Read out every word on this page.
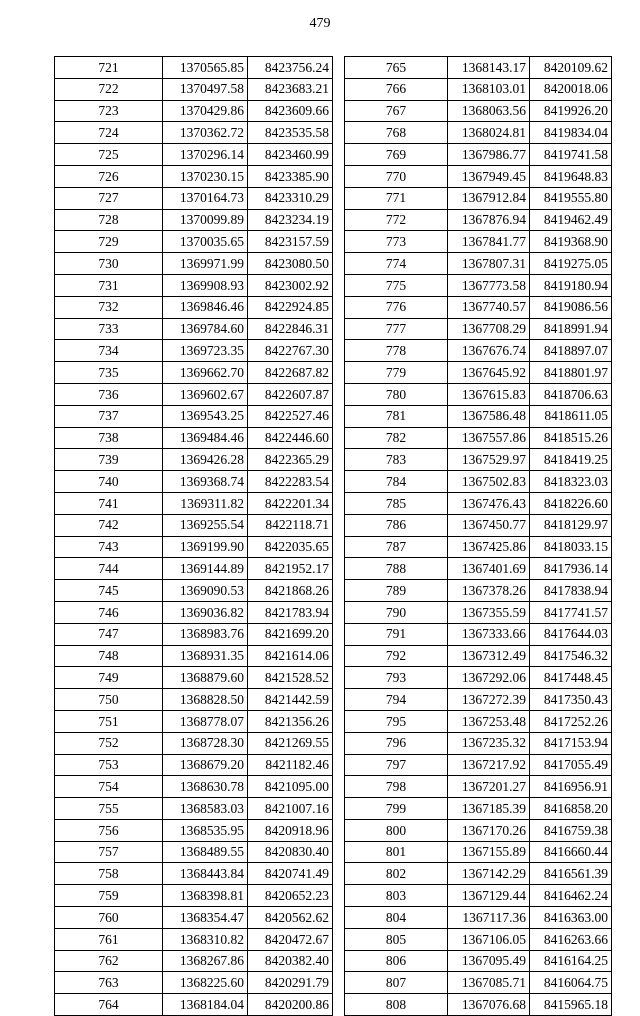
479
721	1370565.85	8423756.24
722	1370497.58	8423683.21
723	1370429.86	8423609.66
724	1370362.72	8423535.58
725	1370296.14	8423460.99
726	1370230.15	8423385.90
727	1370164.73	8423310.29
728	1370099.89	8423234.19
729	1370035.65	8423157.59
730	1369971.99	8423080.50
731	1369908.93	8423002.92
732	1369846.46	8422924.85
733	1369784.60	8422846.31
734	1369723.35	8422767.30
735	1369662.70	8422687.82
736	1369602.67	8422607.87
737	1369543.25	8422527.46
738	1369484.46	8422446.60
739	1369426.28	8422365.29
740	1369368.74	8422283.54
741	1369311.82	8422201.34
742	1369255.54	8422118.71
743	1369199.90	8422035.65
744	1369144.89	8421952.17
745	1369090.53	8421868.26
746	1369036.82	8421783.94
747	1368983.76	8421699.20
748	1368931.35	8421614.06
749	1368879.60	8421528.52
750	1368828.50	8421442.59
751	1368778.07	8421356.26
752	1368728.30	8421269.55
753	1368679.20	8421182.46
754	1368630.78	8421095.00
755	1368583.03	8421007.16
756	1368535.95	8420918.96
757	1368489.55	8420830.40
758	1368443.84	8420741.49
759	1368398.81	8420652.23
760	1368354.47	8420562.62
761	1368310.82	8420472.67
762	1368267.86	8420382.40
763	1368225.60	8420291.79
764	1368184.04	8420200.86
765	1368143.17	8420109.62
766	1368103.01	8420018.06
767	1368063.56	8419926.20
768	1368024.81	8419834.04
769	1367986.77	8419741.58
770	1367949.45	8419648.83
771	1367912.84	8419555.80
772	1367876.94	8419462.49
773	1367841.77	8419368.90
774	1367807.31	8419275.05
775	1367773.58	8419180.94
776	1367740.57	8419086.56
777	1367708.29	8418991.94
778	1367676.74	8418897.07
779	1367645.92	8418801.97
780	1367615.83	8418706.63
781	1367586.48	8418611.05
782	1367557.86	8418515.26
783	1367529.97	8418419.25
784	1367502.83	8418323.03
785	1367476.43	8418226.60
786	1367450.77	8418129.97
787	1367425.86	8418033.15
788	1367401.69	8417936.14
789	1367378.26	8417838.94
790	1367355.59	8417741.57
791	1367333.66	8417644.03
792	1367312.49	8417546.32
793	1367292.06	8417448.45
794	1367272.39	8417350.43
795	1367253.48	8417252.26
796	1367235.32	8417153.94
797	1367217.92	8417055.49
798	1367201.27	8416956.91
799	1367185.39	8416858.20
800	1367170.26	8416759.38
801	1367155.89	8416660.44
802	1367142.29	8416561.39
803	1367129.44	8416462.24
804	1367117.36	8416363.00
805	1367106.05	8416263.66
806	1367095.49	8416164.25
807	1367085.71	8416064.75
808	1367076.68	8415965.18
